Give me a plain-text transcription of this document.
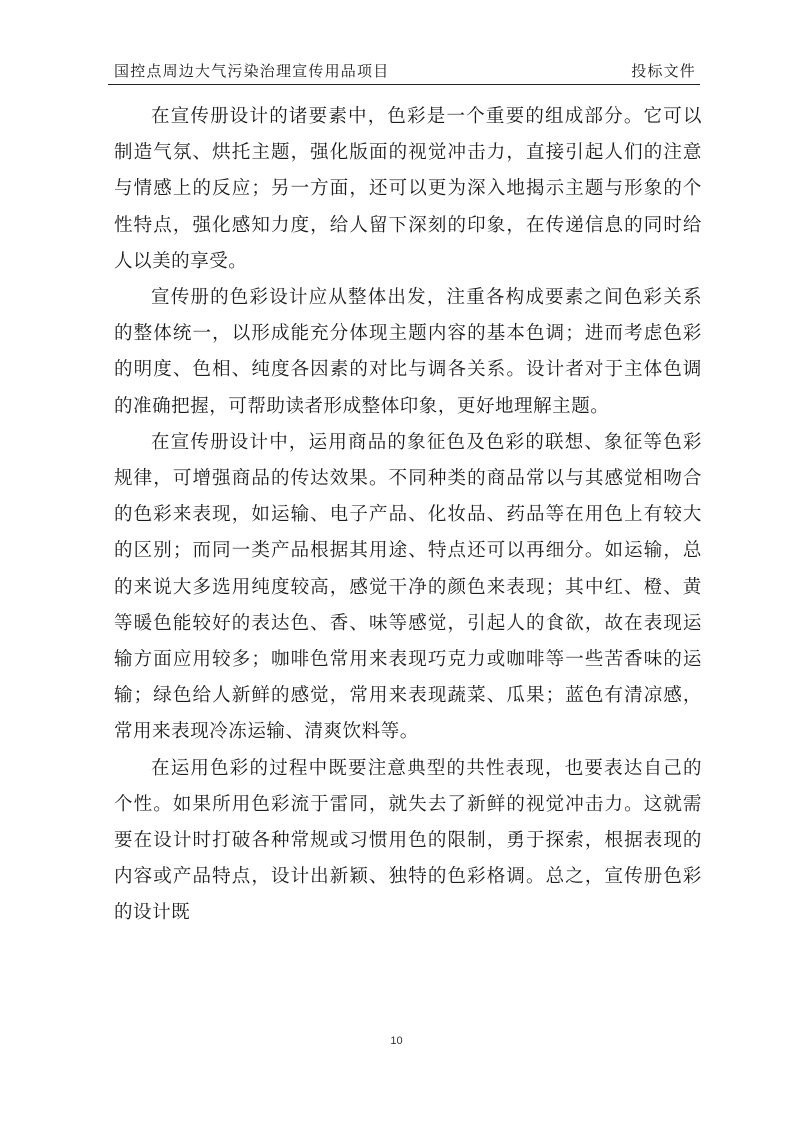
国控点周边大气污染治理宣传用品项目	投标文件

在宣传册设计的诸要素中，色彩是一个重要的组成部分。它可以制造气氛、烘托主题，强化版面的视觉冲击力，直接引起人们的注意与情感上的反应；另一方面，还可以更为深入地揭示主题与形象的个性特点，强化感知力度，给人留下深刻的印象，在传递信息的同时给人以美的享受。

宣传册的色彩设计应从整体出发，注重各构成要素之间色彩关系的整体统一，以形成能充分体现主题内容的基本色调；进而考虑色彩的明度、色相、纯度各因素的对比与调各关系。设计者对于主体色调的准确把握，可帮助读者形成整体印象，更好地理解主题。

在宣传册设计中，运用商品的象征色及色彩的联想、象征等色彩规律，可增强商品的传达效果。不同种类的商品常以与其感觉相吻合的色彩来表现，如运输、电子产品、化妆品、药品等在用色上有较大的区别；而同一类产品根据其用途、特点还可以再细分。如运输，总的来说大多选用纯度较高，感觉干净的颜色来表现；其中红、橙、黄等暖色能较好的表达色、香、味等感觉，引起人的食欲，故在表现运输方面应用较多；咖啡色常用来表现巧克力或咖啡等一些苦香味的运输；绿色给人新鲜的感觉，常用来表现蔬菜、瓜果；蓝色有清凉感，常用来表现冷冻运输、清爽饮料等。

在运用色彩的过程中既要注意典型的共性表现，也要表达自己的个性。如果所用色彩流于雷同，就失去了新鲜的视觉冲击力。这就需要在设计时打破各种常规或习惯用色的限制，勇于探索，根据表现的内容或产品特点，设计出新颖、独特的色彩格调。总之，宣传册色彩的设计既

10
